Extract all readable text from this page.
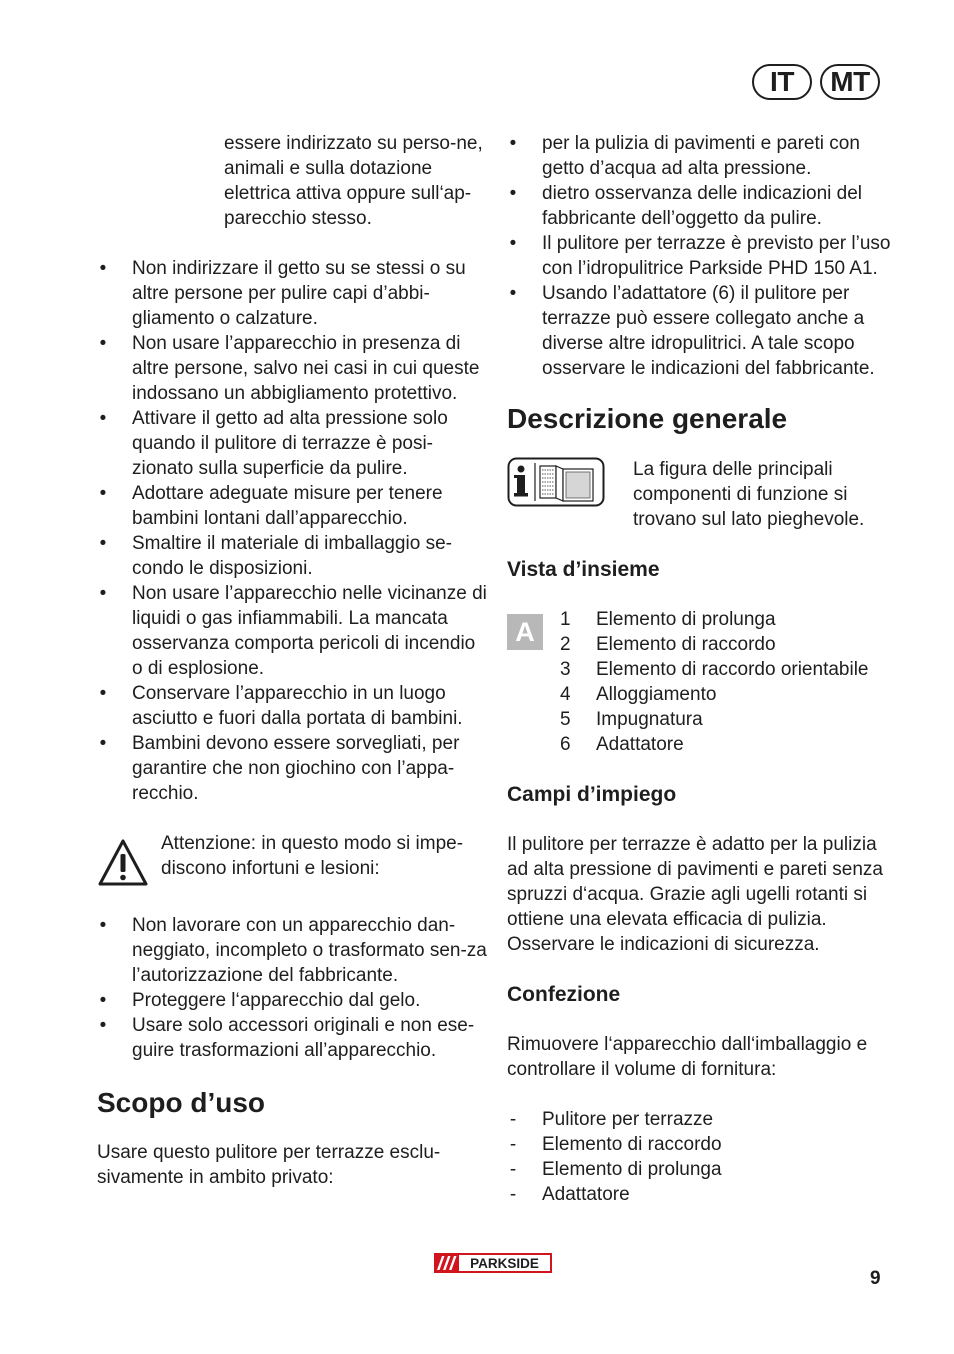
IT	MT
essere indirizzato su perso-ne, animali e sulla dotazione elettrica attiva oppure sull‘ap-parecchio stesso.
• Non indirizzare il getto su se stessi o su altre persone per pulire capi d’abbi-gliamento o calzature.
• Non usare l’apparecchio in presenza di altre persone, salvo nei casi in cui queste indossano un abbigliamento protettivo.
• Attivare il getto ad alta pressione solo quando il pulitore di terrazze è posi-zionato sulla superficie da pulire.
• Adottare adeguate misure per tenere bambini lontani dall’apparecchio.
• Smaltire il materiale di imballaggio se-condo le disposizioni.
• Non usare l’apparecchio nelle vicinanze di liquidi o gas infiammabili. La mancata osservanza comporta pericoli di incendio o di esplosione.
• Conservare l’apparecchio in un luogo asciutto e fuori dalla portata di bambini.
• Bambini devono essere sorvegliati, per garantire che non giochino con l’appa-recchio.
Attenzione: in questo modo si impe-discono infortuni e lesioni:
• Non lavorare con un apparecchio dan-neggiato, incompleto o trasformato sen-za l’autorizzazione del fabbricante.
• Proteggere l‘apparecchio dal gelo.
• Usare solo accessori originali e non ese-guire trasformazioni all’apparecchio.
Scopo d’uso
Usare questo pulitore per terrazze esclu-sivamente in ambito privato:
• per la pulizia di pavimenti e pareti con getto d’acqua ad alta pressione.
• dietro osservanza delle indicazioni del fabbricante dell’oggetto da pulire.
• Il pulitore per terrazze è previsto per l’uso con l’idropulitrice Parkside PHD 150 A1.
• Usando l’adattatore (6) il pulitore per terrazze può essere collegato anche a diverse altre idropulitrici. A tale scopo osservare le indicazioni del fabbricante.
Descrizione generale
La figura delle principali componenti di funzione si trovano sul lato pieghevole.
Vista d’insieme
A	1	Elemento di prolunga
2	Elemento di raccordo
3	Elemento di raccordo orientabile
4	Alloggiamento
5	Impugnatura
6	Adattatore
Campi d’impiego
Il pulitore per terrazze è adatto per la pulizia ad alta pressione di pavimenti e pareti senza spruzzi d‘acqua. Grazie agli ugelli rotanti si ottiene una elevata efficacia di pulizia. Osservare le indicazioni di sicurezza.
Confezione
Rimuovere l‘apparecchio dall‘imballaggio e controllare il volume di fornitura:
- Pulitore per terrazze
- Elemento di raccordo
- Elemento di prolunga
- Adattatore
PARKSIDE
9
